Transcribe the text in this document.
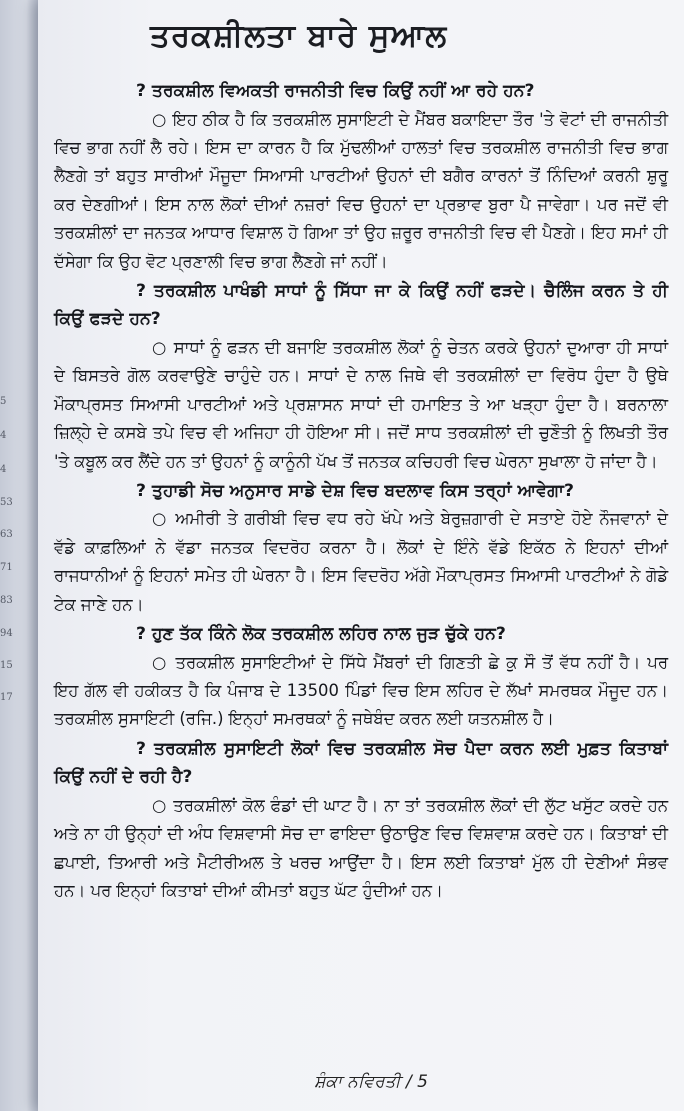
5
4
4
53
63
71
83
94
15
17
ਤਰਕਸ਼ੀਲਤਾ ਬਾਰੇ ਸੁਆਲ

? ਤਰਕਸ਼ੀਲ ਵਿਅਕਤੀ ਰਾਜਨੀਤੀ ਵਿਚ ਕਿਉਂ ਨਹੀਂ ਆ ਰਹੇ ਹਨ?

○ ਇਹ ਠੀਕ ਹੈ ਕਿ ਤਰਕਸ਼ੀਲ ਸੁਸਾਇਟੀ ਦੇ ਮੈਂਬਰ ਬਕਾਇਦਾ ਤੌਰ 'ਤੇ ਵੋਟਾਂ ਦੀ ਰਾਜਨੀਤੀ ਵਿਚ ਭਾਗ ਨਹੀਂ ਲੈ ਰਹੇ। ਇਸ ਦਾ ਕਾਰਨ ਹੈ ਕਿ ਮੁੱਢਲੀਆਂ ਹਾਲਤਾਂ ਵਿਚ ਤਰਕਸ਼ੀਲ ਰਾਜਨੀਤੀ ਵਿਚ ਭਾਗ ਲੈਣਗੇ ਤਾਂ ਬਹੁਤ ਸਾਰੀਆਂ ਮੌਜੂਦਾ ਸਿਆਸੀ ਪਾਰਟੀਆਂ ਉਹਨਾਂ ਦੀ ਬਗੈਰ ਕਾਰਨਾਂ ਤੋਂ ਨਿੰਦਿਆਂ ਕਰਨੀ ਸ਼ੁਰੂ ਕਰ ਦੇਣਗੀਆਂ। ਇਸ ਨਾਲ ਲੋਕਾਂ ਦੀਆਂ ਨਜ਼ਰਾਂ ਵਿਚ ਉਹਨਾਂ ਦਾ ਪ੍ਰਭਾਵ ਬੁਰਾ ਪੈ ਜਾਵੇਗਾ। ਪਰ ਜਦੋਂ ਵੀ ਤਰਕਸ਼ੀਲਾਂ ਦਾ ਜਨਤਕ ਆਧਾਰ ਵਿਸ਼ਾਲ ਹੋ ਗਿਆ ਤਾਂ ਉਹ ਜ਼ਰੂਰ ਰਾਜਨੀਤੀ ਵਿਚ ਵੀ ਪੈਣਗੇ। ਇਹ ਸਮਾਂ ਹੀ ਦੱਸੇਗਾ ਕਿ ਉਹ ਵੋਟ ਪ੍ਰਣਾਲੀ ਵਿਚ ਭਾਗ ਲੈਣਗੇ ਜਾਂ ਨਹੀਂ।

? ਤਰਕਸ਼ੀਲ ਪਾਖੰਡੀ ਸਾਧਾਂ ਨੂੰ ਸਿੱਧਾ ਜਾ ਕੇ ਕਿਉਂ ਨਹੀਂ ਫੜਦੇ। ਚੈਲਿੰਜ ਕਰਨ ਤੇ ਹੀ ਕਿਉਂ ਫੜਦੇ ਹਨ?

○ ਸਾਧਾਂ ਨੂੰ ਫੜਨ ਦੀ ਬਜਾਇ ਤਰਕਸ਼ੀਲ ਲੋਕਾਂ ਨੂੰ ਚੇਤਨ ਕਰਕੇ ਉਹਨਾਂ ਦੁਆਰਾ ਹੀ ਸਾਧਾਂ ਦੇ ਬਿਸਤਰੇ ਗੋਲ ਕਰਵਾਉਣੇ ਚਾਹੁੰਦੇ ਹਨ। ਸਾਧਾਂ ਦੇ ਨਾਲ ਜਿਥੇ ਵੀ ਤਰਕਸ਼ੀਲਾਂ ਦਾ ਵਿਰੋਧ ਹੁੰਦਾ ਹੈ ਉਥੇ ਮੌਕਾਪ੍ਰਸਤ ਸਿਆਸੀ ਪਾਰਟੀਆਂ ਅਤੇ ਪ੍ਰਸ਼ਾਸਨ ਸਾਧਾਂ ਦੀ ਹਮਾਇਤ ਤੇ ਆ ਖੜ੍ਹਾ ਹੁੰਦਾ ਹੈ। ਬਰਨਾਲਾ ਜ਼ਿਲ੍ਹੇ ਦੇ ਕਸਬੇ ਤਪੇ ਵਿਚ ਵੀ ਅਜਿਹਾ ਹੀ ਹੋਇਆ ਸੀ। ਜਦੋਂ ਸਾਧ ਤਰਕਸ਼ੀਲਾਂ ਦੀ ਚੁਣੌਤੀ ਨੂੰ ਲਿਖਤੀ ਤੌਰ 'ਤੇ ਕਬੂਲ ਕਰ ਲੈਂਦੇ ਹਨ ਤਾਂ ਉਹਨਾਂ ਨੂੰ ਕਾਨੂੰਨੀ ਪੱਖ ਤੋਂ ਜਨਤਕ ਕਚਿਹਰੀ ਵਿਚ ਘੇਰਨਾ ਸੁਖਾਲਾ ਹੋ ਜਾਂਦਾ ਹੈ।

? ਤੁਹਾਡੀ ਸੋਚ ਅਨੁਸਾਰ ਸਾਡੇ ਦੇਸ਼ ਵਿਚ ਬਦਲਾਵ ਕਿਸ ਤਰ੍ਹਾਂ ਆਵੇਗਾ?

○ ਅਮੀਰੀ ਤੇ ਗਰੀਬੀ ਵਿਚ ਵਧ ਰਹੇ ਖੱਪੇ ਅਤੇ ਬੇਰੁਜ਼ਗਾਰੀ ਦੇ ਸਤਾਏ ਹੋਏ ਨੌਜਵਾਨਾਂ ਦੇ ਵੱਡੇ ਕਾਫ਼ਲਿਆਂ ਨੇ ਵੱਡਾ ਜਨਤਕ ਵਿਦਰੋਹ ਕਰਨਾ ਹੈ। ਲੋਕਾਂ ਦੇ ਇੰਨੇ ਵੱਡੇ ਇਕੱਠ ਨੇ ਇਹਨਾਂ ਦੀਆਂ ਰਾਜਧਾਨੀਆਂ ਨੂੰ ਇਹਨਾਂ ਸਮੇਤ ਹੀ ਘੇਰਨਾ ਹੈ। ਇਸ ਵਿਦਰੋਹ ਅੱਗੇ ਮੌਕਾਪ੍ਰਸਤ ਸਿਆਸੀ ਪਾਰਟੀਆਂ ਨੇ ਗੋਡੇ ਟੇਕ ਜਾਣੇ ਹਨ।

? ਹੁਣ ਤੱਕ ਕਿੰਨੇ ਲੋਕ ਤਰਕਸ਼ੀਲ ਲਹਿਰ ਨਾਲ ਜੁੜ ਚੁੱਕੇ ਹਨ?

○ ਤਰਕਸ਼ੀਲ ਸੁਸਾਇਟੀਆਂ ਦੇ ਸਿੱਧੇ ਮੈਂਬਰਾਂ ਦੀ ਗਿਣਤੀ ਛੇ ਕੁ ਸੌ ਤੋਂ ਵੱਧ ਨਹੀਂ ਹੈ। ਪਰ ਇਹ ਗੱਲ ਵੀ ਹਕੀਕਤ ਹੈ ਕਿ ਪੰਜਾਬ ਦੇ 13500 ਪਿੰਡਾਂ ਵਿਚ ਇਸ ਲਹਿਰ ਦੇ ਲੱਖਾਂ ਸਮਰਥਕ ਮੌਜੂਦ ਹਨ। ਤਰਕਸ਼ੀਲ ਸੁਸਾਇਟੀ (ਰਜਿ.) ਇਨ੍ਹਾਂ ਸਮਰਥਕਾਂ ਨੂੰ ਜਥੇਬੰਦ ਕਰਨ ਲਈ ਯਤਨਸ਼ੀਲ ਹੈ।

? ਤਰਕਸ਼ੀਲ ਸੁਸਾਇਟੀ ਲੋਕਾਂ ਵਿਚ ਤਰਕਸ਼ੀਲ ਸੋਚ ਪੈਦਾ ਕਰਨ ਲਈ ਮੁਫ਼ਤ ਕਿਤਾਬਾਂ ਕਿਉਂ ਨਹੀਂ ਦੇ ਰਹੀ ਹੈ?

○ ਤਰਕਸ਼ੀਲਾਂ ਕੋਲ ਫੰਡਾਂ ਦੀ ਘਾਟ ਹੈ। ਨਾ ਤਾਂ ਤਰਕਸ਼ੀਲ ਲੋਕਾਂ ਦੀ ਲੁੱਟ ਖਸੁੱਟ ਕਰਦੇ ਹਨ ਅਤੇ ਨਾ ਹੀ ਉਨ੍ਹਾਂ ਦੀ ਅੰਧ ਵਿਸ਼ਵਾਸੀ ਸੋਚ ਦਾ ਫਾਇਦਾ ਉਠਾਉਣ ਵਿਚ ਵਿਸ਼ਵਾਸ਼ ਕਰਦੇ ਹਨ। ਕਿਤਾਬਾਂ ਦੀ ਛਪਾਈ, ਤਿਆਰੀ ਅਤੇ ਮੈਟੀਰੀਅਲ ਤੇ ਖਰਚ ਆਉਂਦਾ ਹੈ। ਇਸ ਲਈ ਕਿਤਾਬਾਂ ਮੁੱਲ ਹੀ ਦੇਣੀਆਂ ਸੰਭਵ ਹਨ। ਪਰ ਇਨ੍ਹਾਂ ਕਿਤਾਬਾਂ ਦੀਆਂ ਕੀਮਤਾਂ ਬਹੁਤ ਘੱਟ ਹੁੰਦੀਆਂ ਹਨ।

ਸ਼ੰਕਾ ਨਵਿਰਤੀ / 5
